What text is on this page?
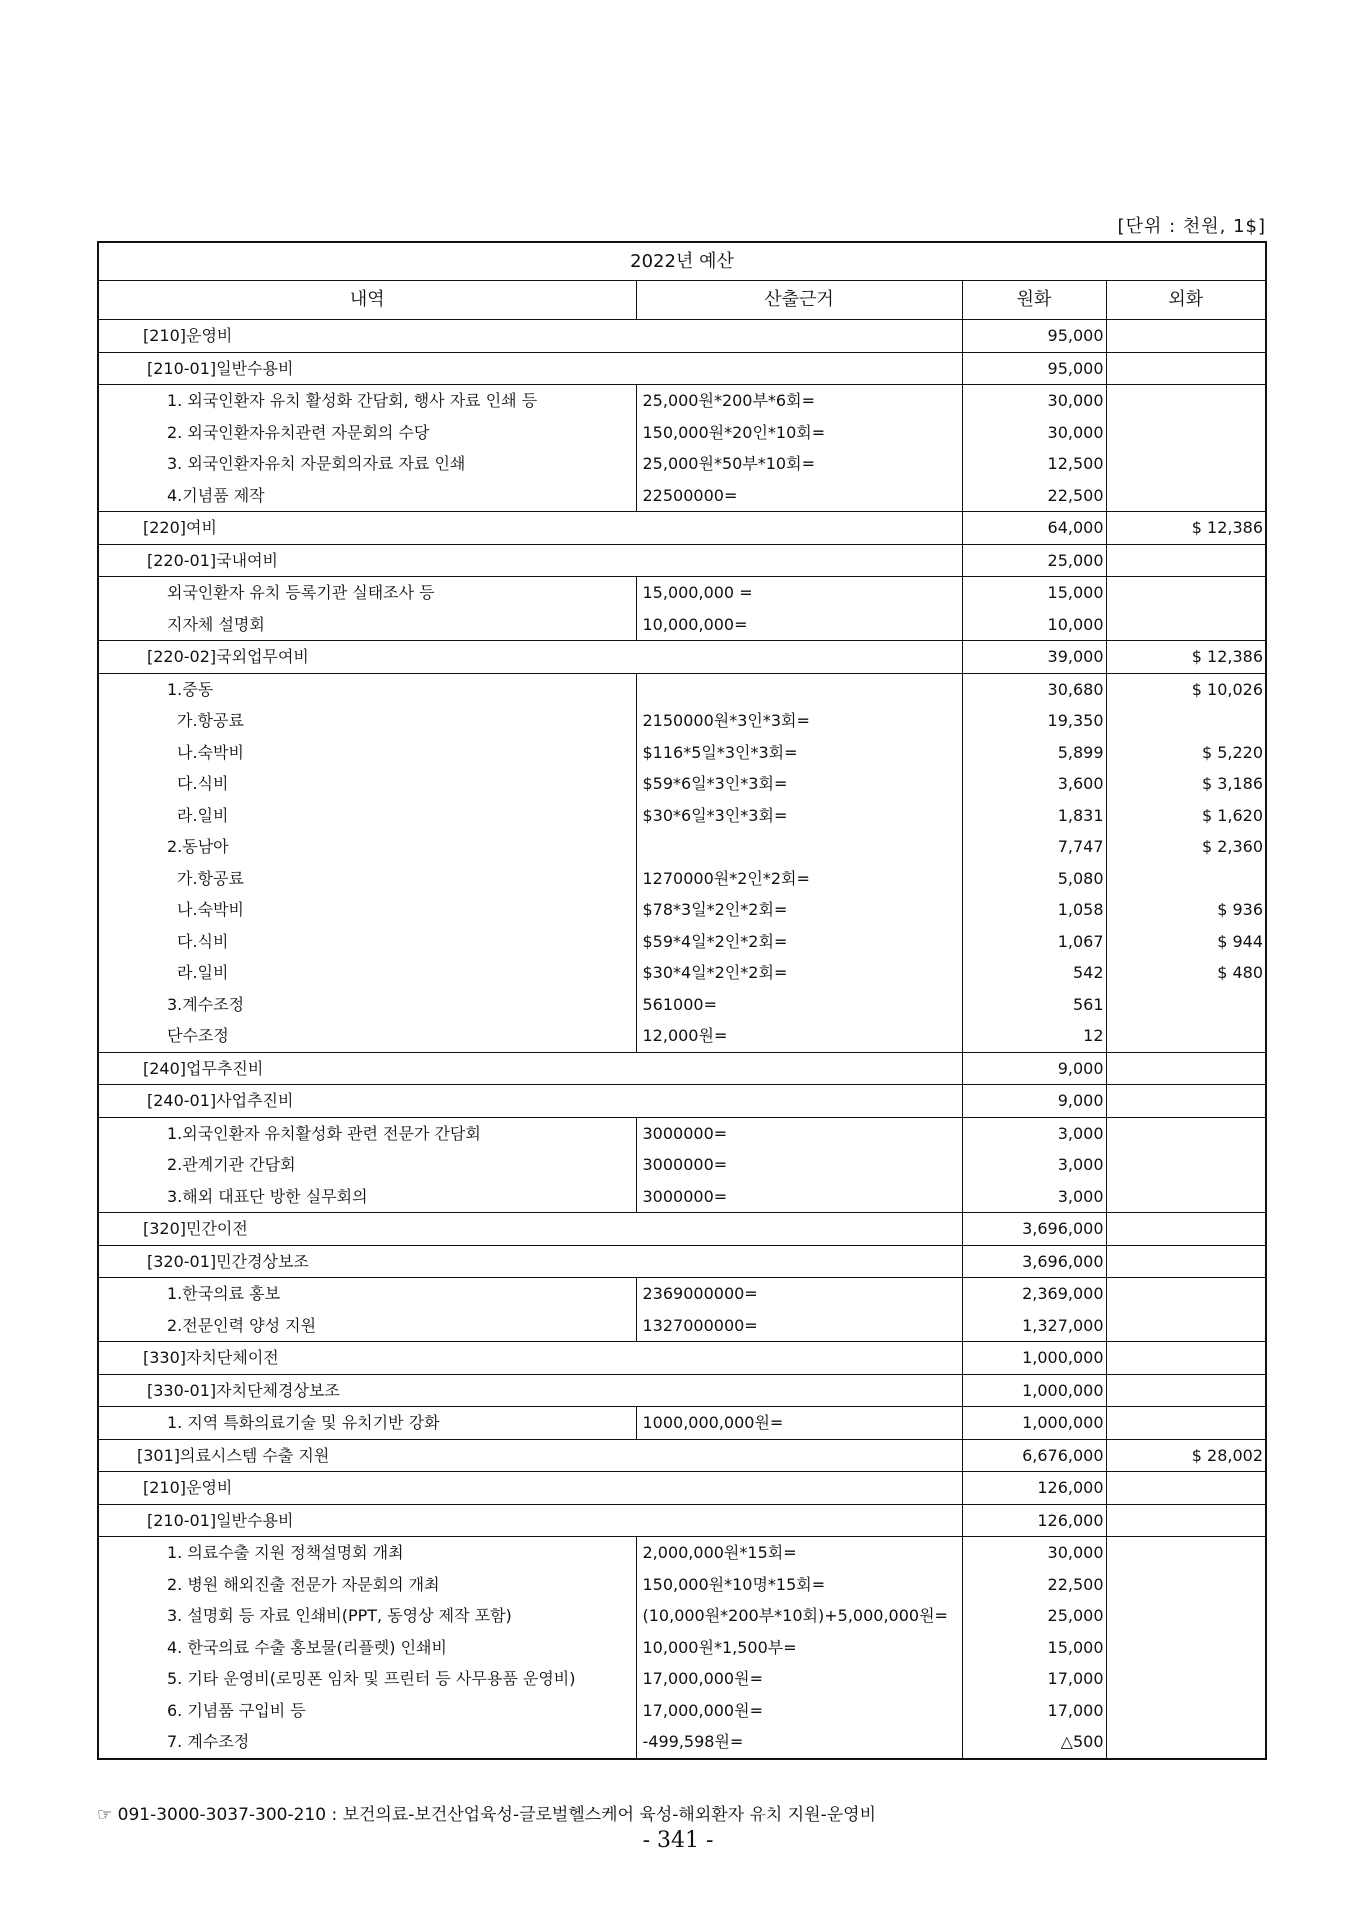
[단위 : 천원, 1$]
2022년 예산			
내역	산출근거	원화	외화
[210]운영비		95,000	
[210-01]일반수용비		95,000	
1. 외국인환자 유치 활성화 간담회, 행사 자료 인쇄 등	25,000원*200부*6회=	30,000	
2. 외국인환자유치관련 자문회의 수당	150,000원*20인*10회=	30,000	
3. 외국인환자유치 자문회의자료 자료 인쇄	25,000원*50부*10회=	12,500	
4.기념품 제작	22500000=	22,500	
[220]여비		64,000	$ 12,386
[220-01]국내여비		25,000	
외국인환자 유치 등록기관 실태조사 등	15,000,000 =	15,000	
지자체 설명회	10,000,000=	10,000	
[220-02]국외업무여비		39,000	$ 12,386
1.중동		30,680	$ 10,026
가.항공료	2150000원*3인*3회=	19,350	
나.숙박비	$116*5일*3인*3회=	5,899	$ 5,220
다.식비	$59*6일*3인*3회=	3,600	$ 3,186
라.일비	$30*6일*3인*3회=	1,831	$ 1,620
2.동남아		7,747	$ 2,360
가.항공료	1270000원*2인*2회=	5,080	
나.숙박비	$78*3일*2인*2회=	1,058	$ 936
다.식비	$59*4일*2인*2회=	1,067	$ 944
라.일비	$30*4일*2인*2회=	542	$ 480
3.계수조정	561000=	561	
단수조정	12,000원=	12	
[240]업무추진비		9,000	
[240-01]사업추진비		9,000	
1.외국인환자 유치활성화 관련 전문가 간담회	3000000=	3,000	
2.관계기관 간담회	3000000=	3,000	
3.해외 대표단 방한 실무회의	3000000=	3,000	
[320]민간이전		3,696,000	
[320-01]민간경상보조		3,696,000	
1.한국의료 홍보	2369000000=	2,369,000	
2.전문인력 양성 지원	1327000000=	1,327,000	
[330]자치단체이전		1,000,000	
[330-01]자치단체경상보조		1,000,000	
1. 지역 특화의료기술 및 유치기반 강화	1000,000,000원=	1,000,000	
[301]의료시스템 수출 지원		6,676,000	$ 28,002
[210]운영비		126,000	
[210-01]일반수용비		126,000	
1. 의료수출 지원 정책설명회 개최	2,000,000원*15회=	30,000	
2. 병원 해외진출 전문가 자문회의 개최	150,000원*10명*15회=	22,500	
3. 설명회 등 자료 인쇄비(PPT, 동영상 제작 포함)	(10,000원*200부*10회)+5,000,000원=	25,000	
4. 한국의료 수출 홍보물(리플렛) 인쇄비	10,000원*1,500부=	15,000	
5. 기타 운영비(로밍폰 임차 및 프린터 등 사무용품 운영비)	17,000,000원=	17,000	
6. 기념품 구입비 등	17,000,000원=	17,000	
7. 계수조정	-499,598원=	△500	
☞ 091-3000-3037-300-210 : 보건의료-보건산업육성-글로벌헬스케어 육성-해외환자 유치 지원-운영비
- 341 -
